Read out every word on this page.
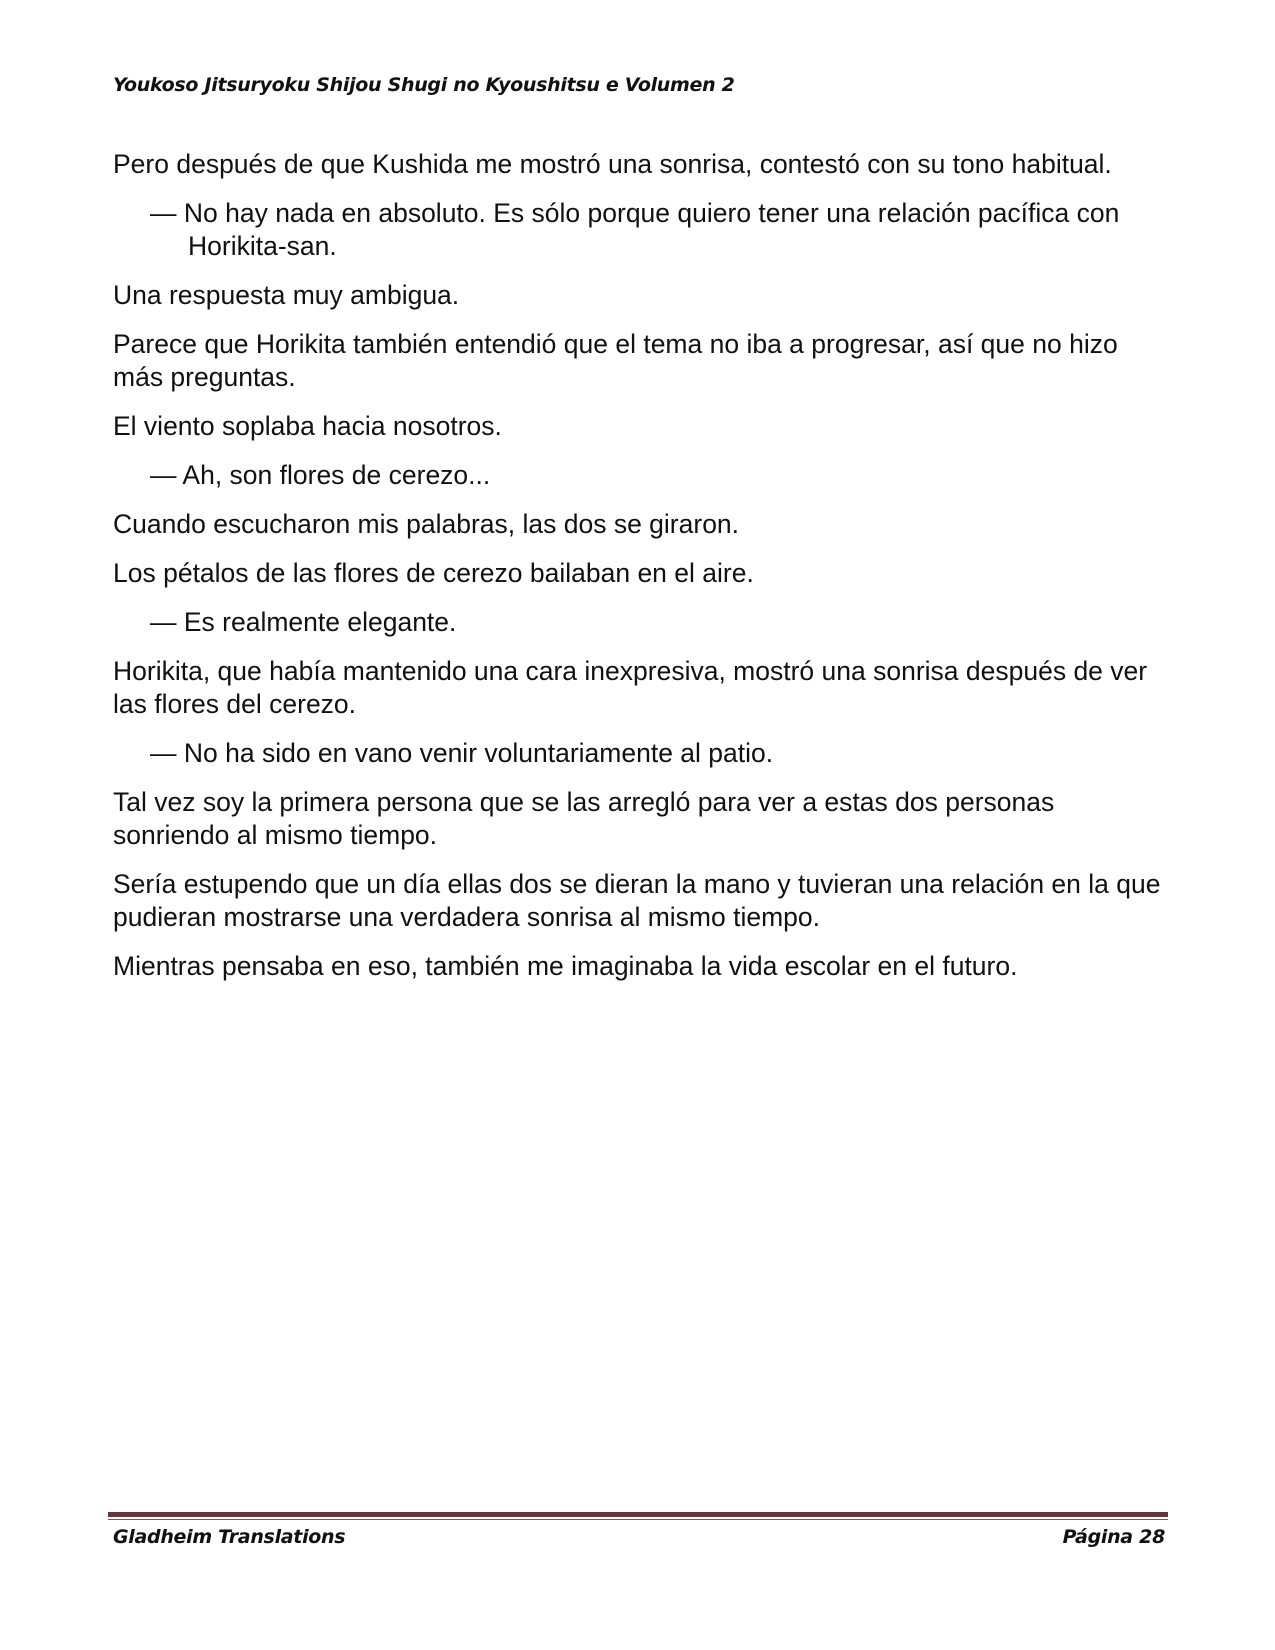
Youkoso Jitsuryoku Shijou Shugi no Kyoushitsu e Volumen 2

Pero después de que Kushida me mostró una sonrisa, contestó con su tono habitual.

— No hay nada en absoluto. Es sólo porque quiero tener una relación pacífica con Horikita-san.

Una respuesta muy ambigua.

Parece que Horikita también entendió que el tema no iba a progresar, así que no hizo más preguntas.

El viento soplaba hacia nosotros.

— Ah, son flores de cerezo...

Cuando escucharon mis palabras, las dos se giraron.

Los pétalos de las flores de cerezo bailaban en el aire.

— Es realmente elegante.

Horikita, que había mantenido una cara inexpresiva, mostró una sonrisa después de ver las flores del cerezo.

— No ha sido en vano venir voluntariamente al patio.

Tal vez soy la primera persona que se las arregló para ver a estas dos personas sonriendo al mismo tiempo.

Sería estupendo que un día ellas dos se dieran la mano y tuvieran una relación en la que pudieran mostrarse una verdadera sonrisa al mismo tiempo.

Mientras pensaba en eso, también me imaginaba la vida escolar en el futuro.

Gladheim Translations	Página 28
